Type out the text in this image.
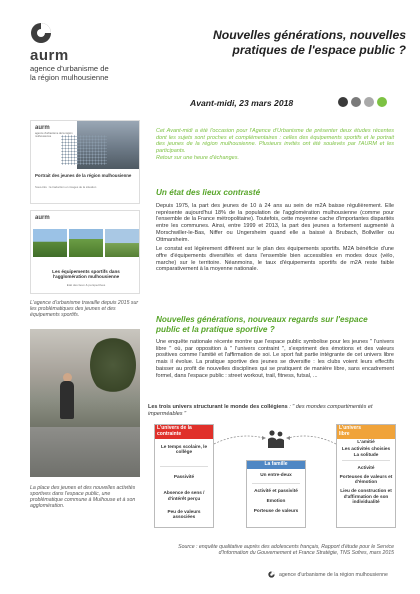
aurm
agence d'urbanisme de
la région mulhousienne
Nouvelles générations, nouvelles
pratiques de l'espace public ?
Avant-midi, 23 mars 2018
aurm
agence d'urbanisme de la région mulhousienne
Portrait des jeunes de la région mulhousienne
Sous-titre : la traduction en images de la situation
aurm
Les équipements sportifs dans
l'agglomération mulhousienne
Etat des lieux & perspectives
L'agence d'urbanisme travaille depuis 2015 sur les problématiques des jeunes et des équipements sportifs.
La place des jeunes et des nouvelles activités sportives dans l'espace public, une problématique commune à Mulhouse et à son agglomération.

Cet Avant-midi a été l'occasion pour l'Agence d'Urbanisme de présenter deux études récentes dont les sujets sont proches et complémentaires : celles des équipements sportifs et le portrait des jeunes de la région mulhousienne. Plusieurs invités ont été soulevés par l'AURM et les participants.

Retour sur une heure d'échanges.

Un état des lieux contrasté

Depuis 1975, la part des jeunes de 10 à 24 ans au sein de m2A baisse régulièrement. Elle représente aujourd'hui 18% de la population de l'agglomération mulhousienne (comme pour l'ensemble de la France métropolitaine). Toutefois, cette moyenne cache d'importantes disparités entre les communes. Ainsi, entre 1999 et 2013, la part des jeunes a fortement augmenté à Morschwiller-le-Bas, Niffer ou Ungersheim quand elle a baissé à Brubach, Bollwiller ou Ottmarsheim.

Le constat est légèrement différent sur le plan des équipements sportifs. M2A bénéficie d'une offre d'équipements diversifiés et dans l'ensemble bien accessibles en modes doux (vélo, marche) sur le territoire. Néanmoins, le taux d'équipements sportifs de m2A reste faible comparativement à la moyenne nationale.

Nouvelles générations, nouveaux regards sur l'espace
public et la pratique sportive ?

Une enquête nationale récente montre que l'espace public symbolise pour les jeunes " l'univers libre " où, par opposition à " l'univers contraint ", s'expriment des émotions et des valeurs positives comme l'amitié et l'affirmation de soi. Le sport fait partie intégrante de cet univers libre mais il évolue. La pratique sportive des jeunes se diversifie : les clubs voient leurs effectifs baisser au profit de nouvelles disciplines qui se pratiquent de manière libre, sans encadrement formel, dans l'espace public : street workout, trail, fitness, futsal, ...

Les trois univers structurant le monde des collégiens : " des mondes compartimentés et imperméables "
L'univers de la
contrainte
Le temps scolaire, le collège
Passivité
Absence de sens / d'intérêt perçu
Peu de valeurs associées
La famille
Un entre-deux
Activité et passivité
Emotion
Porteuse de valeurs
L'univers
libre
L'amitié
Les activités choisies
La solitude
Activité
Porteuses de valeurs et d'émotion
Lieu de construction et d'affirmation de son individualité
Source : enquête qualitative auprès des adolescents français, Rapport d'étude pour le Service d'Information du Gouvernement et France Stratégie, TNS Sofres, mars 2015
agence d'urbanisme de la région mulhousienne
